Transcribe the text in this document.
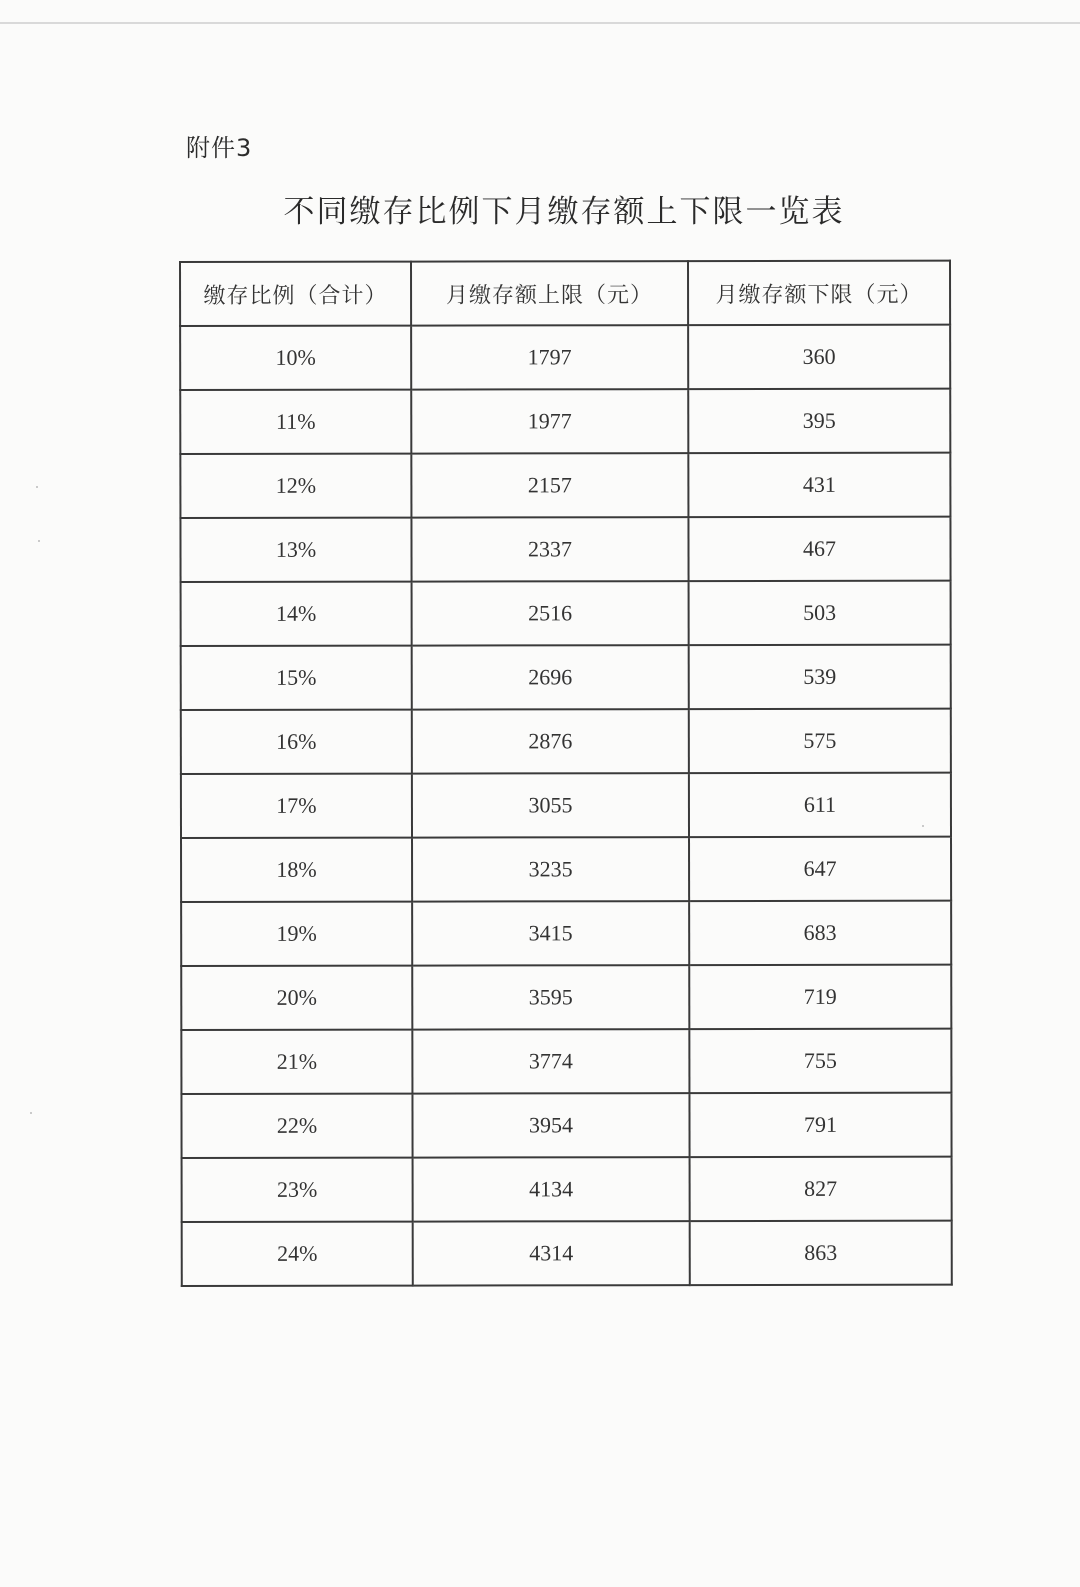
附件3
不同缴存比例下月缴存额上下限一览表
缴存比例（合计）	月缴存额上限（元）	月缴存额下限（元）
10%	1797	360
11%	1977	395
12%	2157	431
13%	2337	467
14%	2516	503
15%	2696	539
16%	2876	575
17%	3055	611
18%	3235	647
19%	3415	683
20%	3595	719
21%	3774	755
22%	3954	791
23%	4134	827
24%	4314	863
